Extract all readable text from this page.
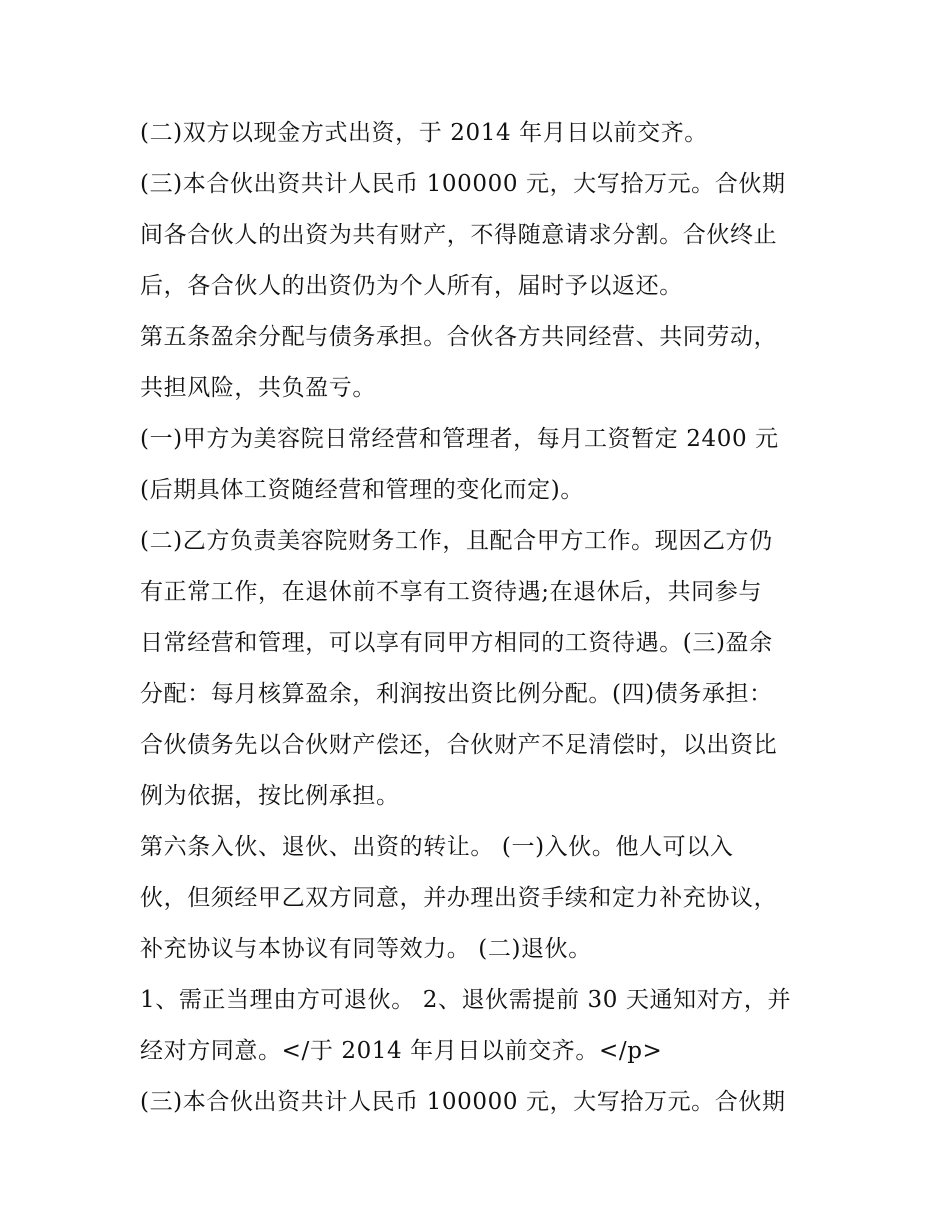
(二)双方以现金方式出资，于 2014 年月日以前交齐。
(三)本合伙出资共计人民币 100000 元，大写拾万元。合伙期
间各合伙人的出资为共有财产，不得随意请求分割。合伙终止
后，各合伙人的出资仍为个人所有，届时予以返还。
第五条盈余分配与债务承担。合伙各方共同经营、共同劳动，
共担风险，共负盈亏。
(一)甲方为美容院日常经营和管理者，每月工资暂定 2400 元
(后期具体工资随经营和管理的变化而定)。
(二)乙方负责美容院财务工作，且配合甲方工作。现因乙方仍
有正常工作，在退休前不享有工资待遇;在退休后，共同参与
日常经营和管理，可以享有同甲方相同的工资待遇。(三)盈余
分配：每月核算盈余，利润按出资比例分配。(四)债务承担：
合伙债务先以合伙财产偿还，合伙财产不足清偿时，以出资比
例为依据，按比例承担。
第六条入伙、退伙、出资的转让。 (一)入伙。他人可以入
伙，但须经甲乙双方同意，并办理出资手续和定力补充协议，
补充协议与本协议有同等效力。 (二)退伙。
1、需正当理由方可退伙。 2、退伙需提前 30 天通知对方，并
经对方同意。</于 2014 年月日以前交齐。</p>
(三)本合伙出资共计人民币 100000 元，大写拾万元。合伙期
